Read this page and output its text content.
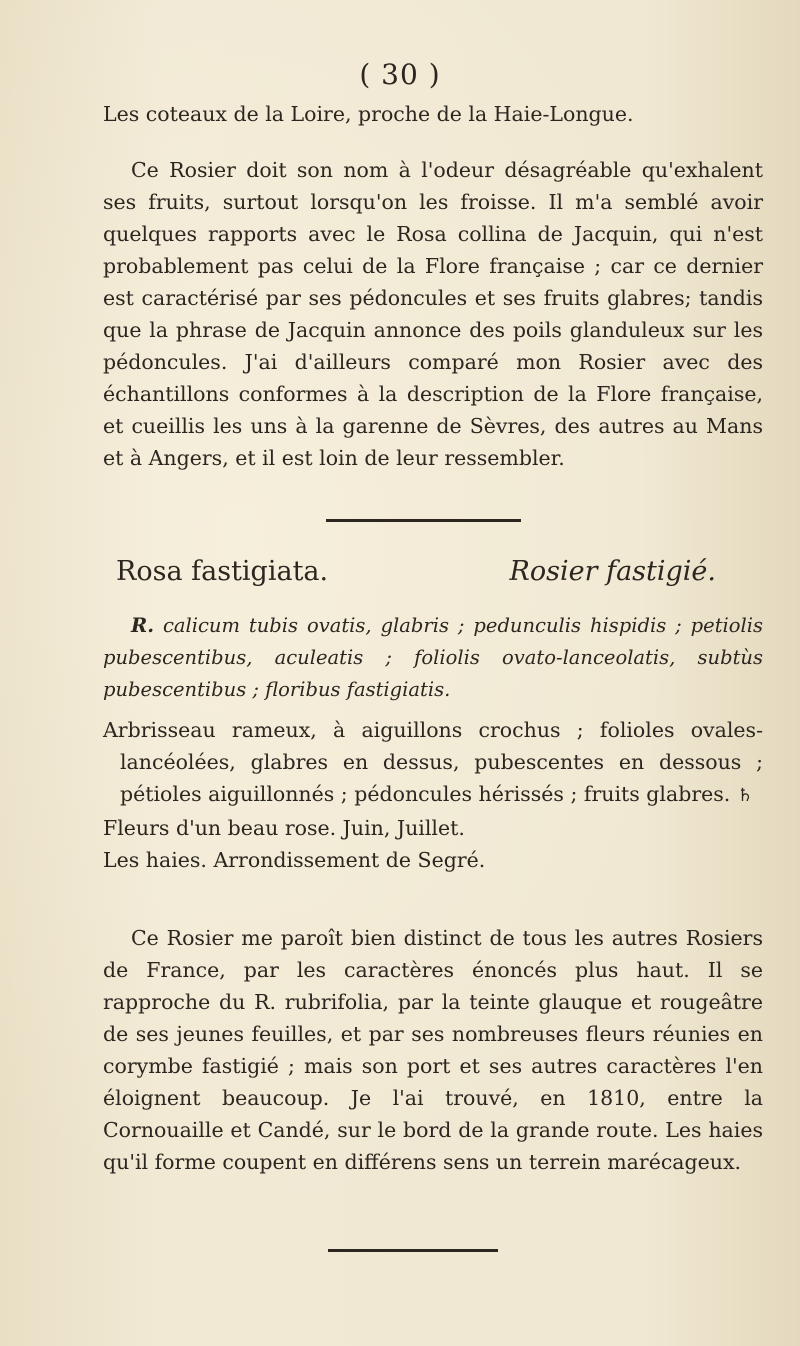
( 30 )

Les coteaux de la Loire, proche de la Haie-Longue.

Ce Rosier doit son nom à l'odeur désagréable qu'exhalent ses fruits, surtout lorsqu'on les froisse. Il m'a semblé avoir quelques rapports avec le Rosa collina de Jacquin, qui n'est probablement pas celui de la Flore française ; car ce dernier est caractérisé par ses pédoncules et ses fruits glabres; tandis que la phrase de Jacquin annonce des poils glanduleux sur les pédoncules. J'ai d'ailleurs comparé mon Rosier avec des échantillons conformes à la description de la Flore française, et cueillis les uns à la garenne de Sèvres, des autres au Mans et à Angers, et il est loin de leur ressembler.

Rosa fastigiata.	Rosier fastigié.

R. calicum tubis ovatis, glabris ; pedunculis hispidis ; petiolis pubescentibus, aculeatis ; foliolis ovato-lanceolatis, subtùs pubescentibus ; floribus fastigiatis.

Arbrisseau rameux, à aiguillons crochus ; folioles ovales-lancéolées, glabres en dessus, pubescentes en dessous ; pétioles aiguillonnés ; pédoncules hérissés ; fruits glabres. ♄

Fleurs d'un beau rose. Juin, Juillet.

Les haies. Arrondissement de Segré.

Ce Rosier me paroît bien distinct de tous les autres Rosiers de France, par les caractères énoncés plus haut. Il se rapproche du R. rubrifolia, par la teinte glauque et rougeâtre de ses jeunes feuilles, et par ses nombreuses fleurs réunies en corymbe fastigié ; mais son port et ses autres caractères l'en éloignent beaucoup. Je l'ai trouvé, en 1810, entre la Cornouaille et Candé, sur le bord de la grande route. Les haies qu'il forme coupent en différens sens un terrein marécageux.
